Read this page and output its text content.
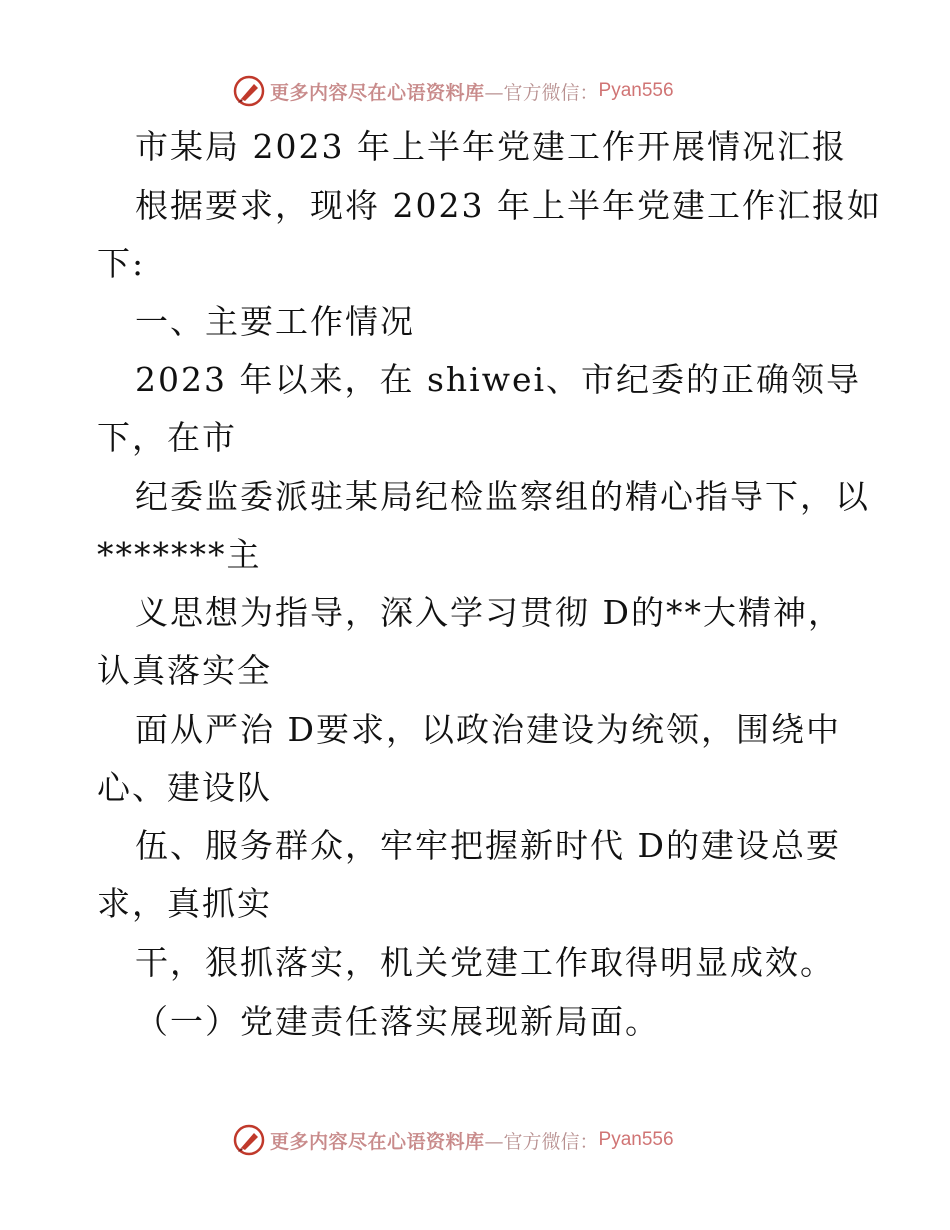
更多内容尽在心语资料库 —官方微信： Pyan556
市某局 2023 年上半年党建工作开展情况汇报
根据要求，现将 2023 年上半年党建工作汇报如
下:
一、主要工作情况
2023 年以来，在 shiwei、市纪委的正确领导
下，在市
纪委监委派驻某局纪检监察组的精心指导下，以
*******主
义思想为指导，深入学习贯彻 D的**大精神，
认真落实全
面从严治 D要求，以政治建设为统领，围绕中
心、建设队
伍、服务群众，牢牢把握新时代 D的建设总要
求，真抓实
干，狠抓落实，机关党建工作取得明显成效。
（一）党建责任落实展现新局面。
更多内容尽在心语资料库 —官方微信： Pyan556
